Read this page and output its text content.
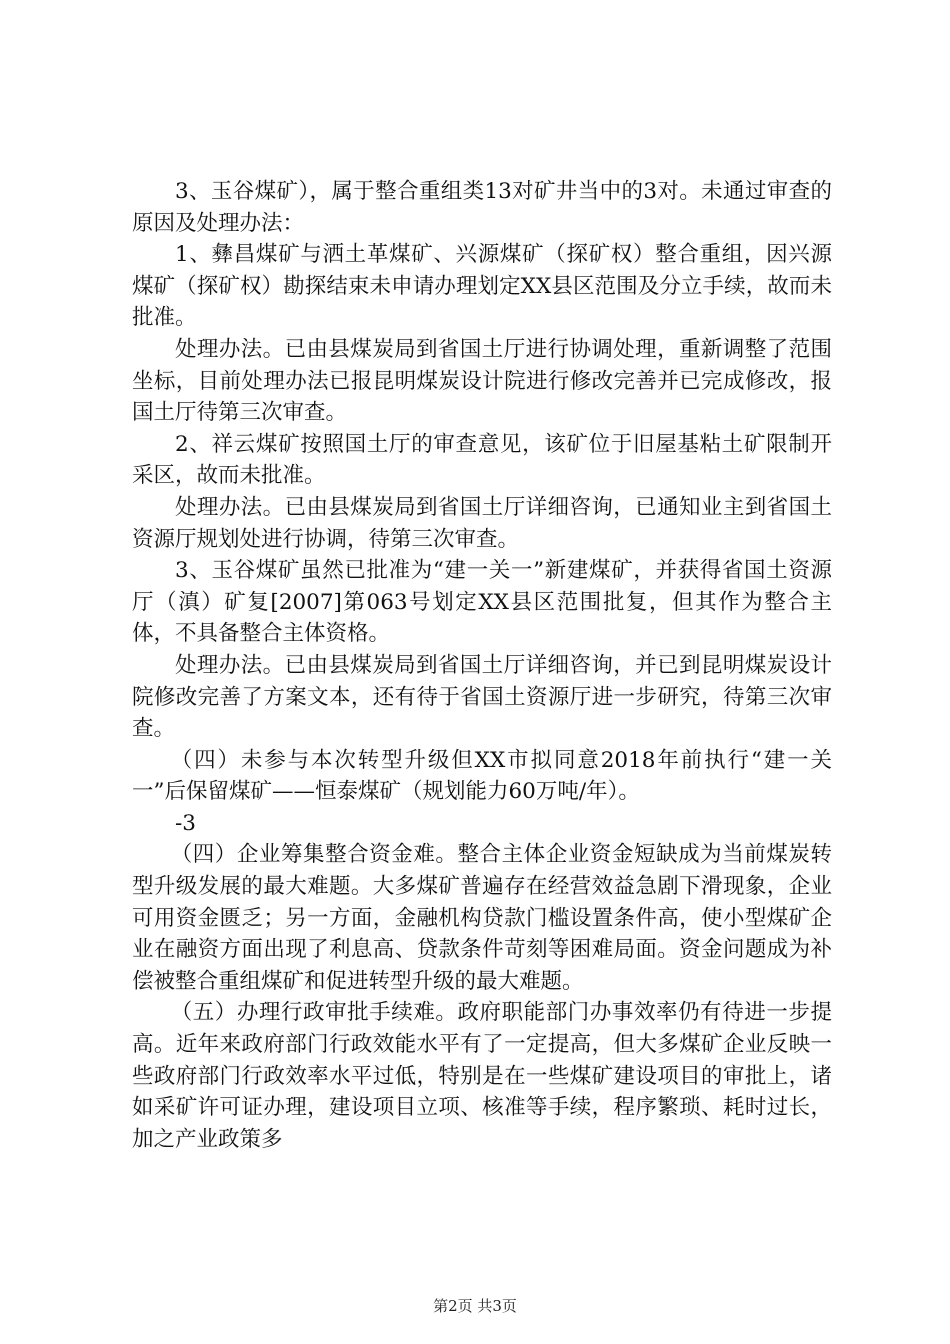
3、玉谷煤矿），属于整合重组类13对矿井当中的3对。未通过审查的原因及处理办法：

1、彝昌煤矿与洒土革煤矿、兴源煤矿（探矿权）整合重组，因兴源煤矿（探矿权）勘探结束未申请办理划定XX县区范围及分立手续，故而未批准。

处理办法。已由县煤炭局到省国土厅进行协调处理，重新调整了范围坐标，目前处理办法已报昆明煤炭设计院进行修改完善并已完成修改，报国土厅待第三次审查。

2、祥云煤矿按照国土厅的审查意见，该矿位于旧屋基粘土矿限制开采区，故而未批准。

处理办法。已由县煤炭局到省国土厅详细咨询，已通知业主到省国土资源厅规划处进行协调，待第三次审查。

3、玉谷煤矿虽然已批准为“建一关一”新建煤矿，并获得省国土资源厅（滇）矿复[2007]第063号划定XX县区范围批复，但其作为整合主体，不具备整合主体资格。

处理办法。已由县煤炭局到省国土厅详细咨询，并已到昆明煤炭设计院修改完善了方案文本，还有待于省国土资源厅进一步研究，待第三次审查。

（四）未参与本次转型升级但XX市拟同意2018年前执行“建一关一”后保留煤矿——恒泰煤矿（规划能力60万吨/年）。

-3

（四）企业筹集整合资金难。整合主体企业资金短缺成为当前煤炭转型升级发展的最大难题。大多煤矿普遍存在经营效益急剧下滑现象，企业可用资金匮乏；另一方面，金融机构贷款门槛设置条件高，使小型煤矿企业在融资方面出现了利息高、贷款条件苛刻等困难局面。资金问题成为补偿被整合重组煤矿和促进转型升级的最大难题。

（五）办理行政审批手续难。政府职能部门办事效率仍有待进一步提高。近年来政府部门行政效能水平有了一定提高，但大多煤矿企业反映一些政府部门行政效率水平过低，特别是在一些煤矿建设项目的审批上，诸如采矿许可证办理，建设项目立项、核准等手续，程序繁琐、耗时过长，加之产业政策多

第2页 共3页
